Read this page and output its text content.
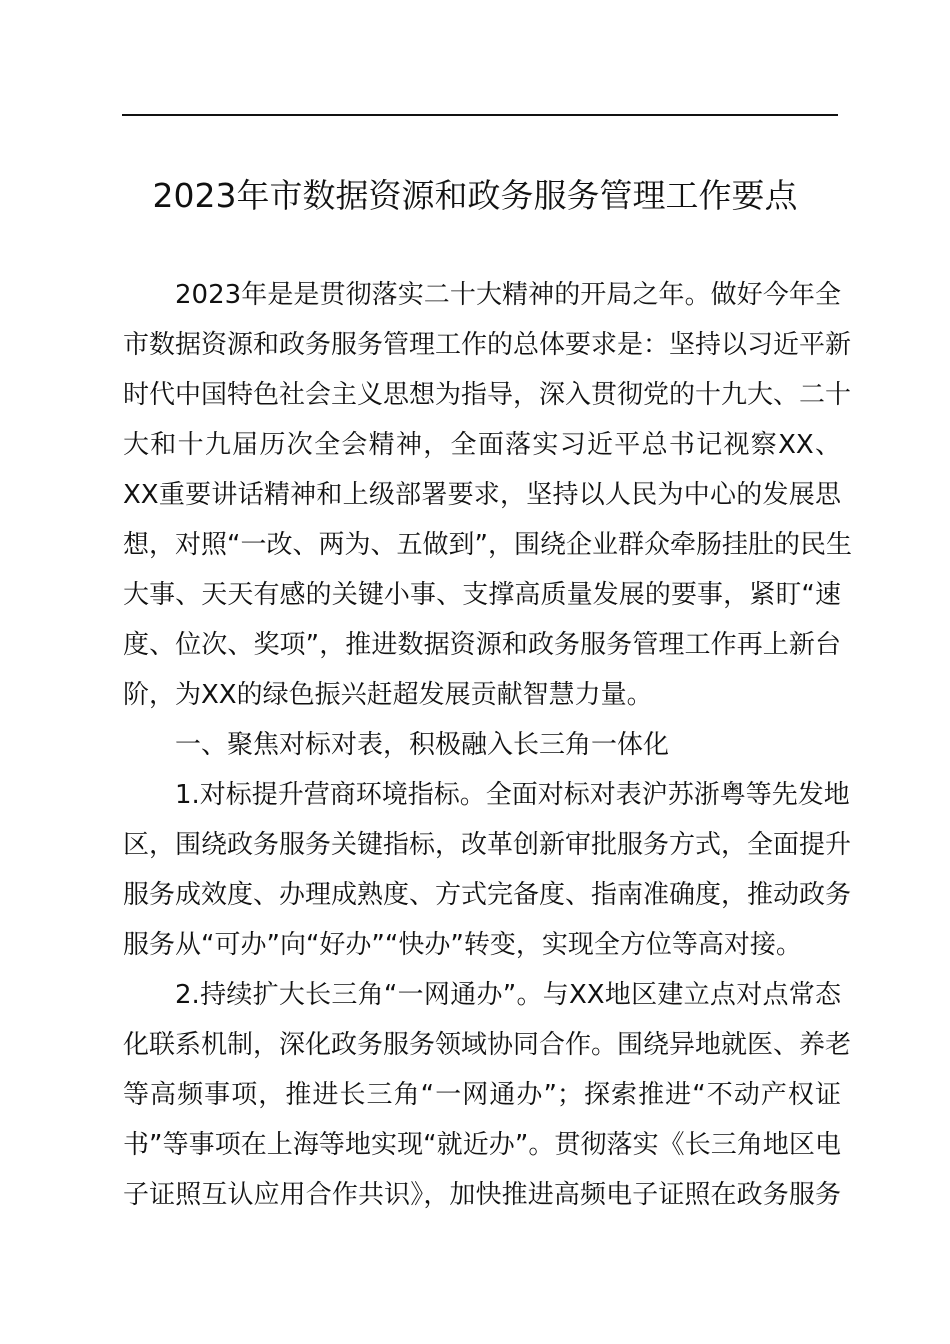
2023年市数据资源和政务服务管理工作要点
2023年是是贯彻落实二十大精神的开局之年。做好今年全
市数据资源和政务服务管理工作的总体要求是：坚持以习近平新
时代中国特色社会主义思想为指导，深入贯彻党的十九大、二十
大和十九届历次全会精神，全面落实习近平总书记视察XX、
XX重要讲话精神和上级部署要求，坚持以人民为中心的发展思
想，对照“一改、两为、五做到”，围绕企业群众牵肠挂肚的民生
大事、天天有感的关键小事、支撑高质量发展的要事，紧盯“速
度、位次、奖项”，推进数据资源和政务服务管理工作再上新台
阶，为XX的绿色振兴赶超发展贡献智慧力量。
一、聚焦对标对表，积极融入长三角一体化
1.对标提升营商环境指标。全面对标对表沪苏浙粤等先发地
区，围绕政务服务关键指标，改革创新审批服务方式，全面提升
服务成效度、办理成熟度、方式完备度、指南准确度，推动政务
服务从“可办”向“好办”“快办”转变，实现全方位等高对接。
2.持续扩大长三角“一网通办”。与XX地区建立点对点常态
化联系机制，深化政务服务领域协同合作。围绕异地就医、养老
等高频事项，推进长三角“一网通办”；探索推进“不动产权证
书”等事项在上海等地实现“就近办”。贯彻落实《长三角地区电
子证照互认应用合作共识》，加快推进高频电子证照在政务服务
